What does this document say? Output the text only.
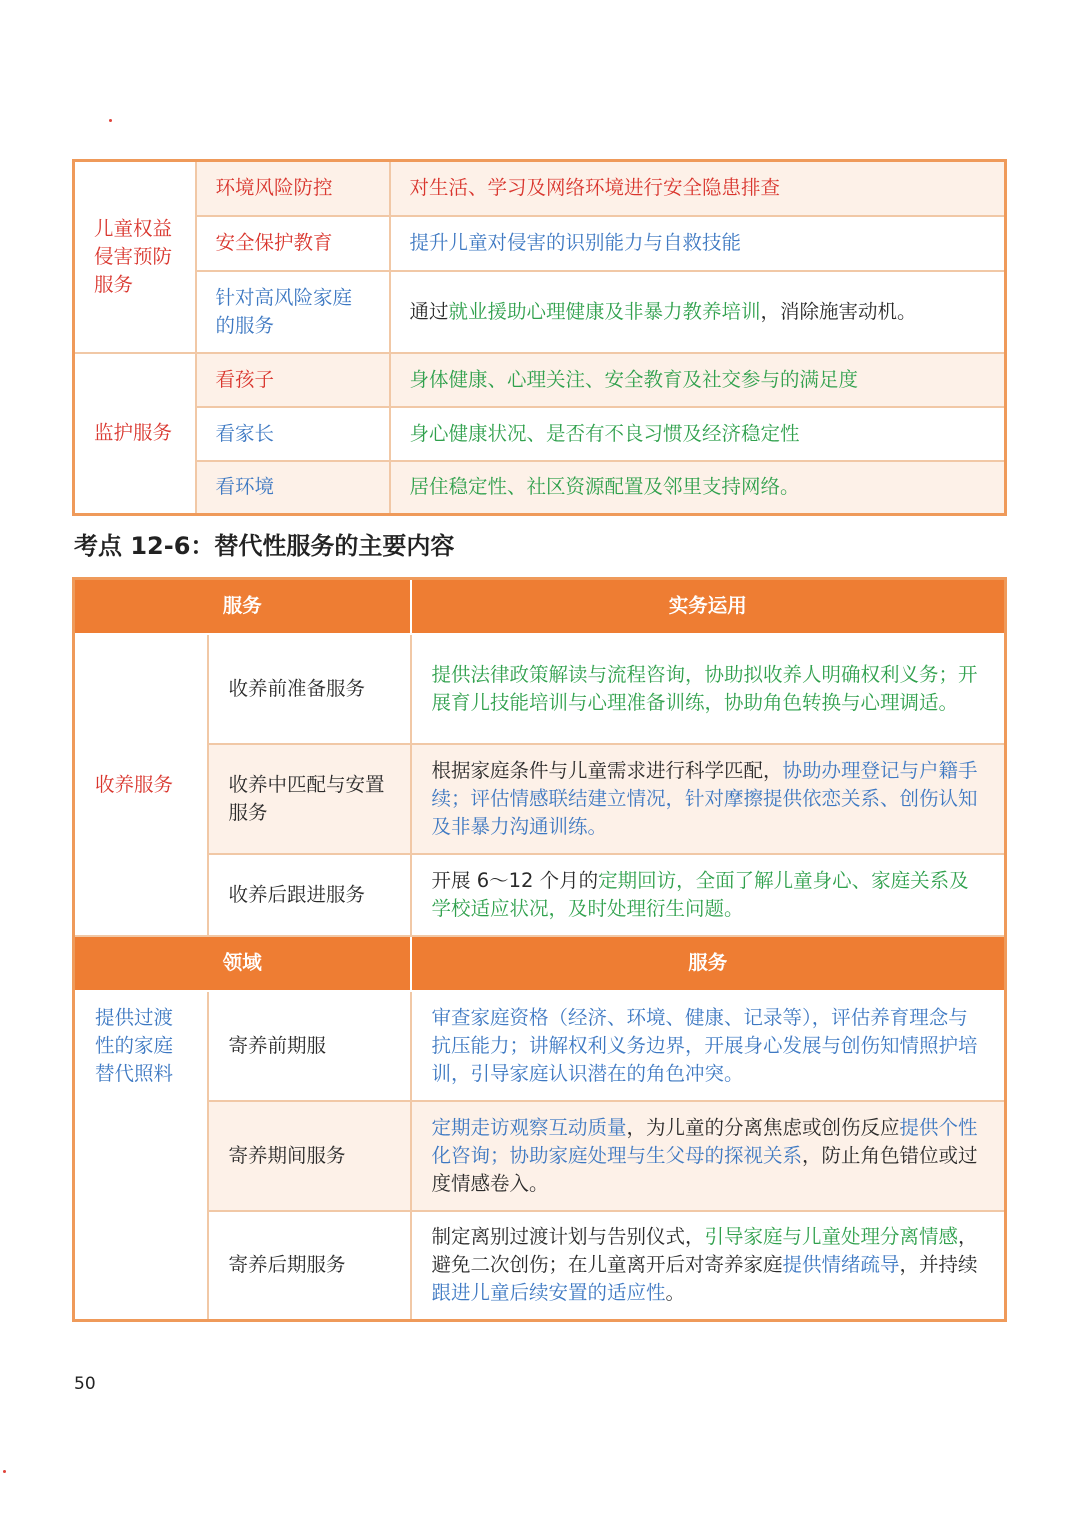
儿童权益侵害预防服务	环境风险防控	对生活、学习及网络环境进行安全隐患排查
	安全保护教育	提升儿童对侵害的识别能力与自救技能
	针对高风险家庭的服务	通过就业援助心理健康及非暴力教养培训，消除施害动机。
监护服务	看孩子	身体健康、心理关注、安全教育及社交参与的满足度
	看家长	身心健康状况、是否有不良习惯及经济稳定性
	看环境	居住稳定性、社区资源配置及邻里支持网络。
考点 12-6：替代性服务的主要内容
服务		实务运用
收养服务	收养前准备服务	提供法律政策解读与流程咨询，协助拟收养人明确权利义务；开展育儿技能培训与心理准备训练，协助角色转换与心理调适。
	收养中匹配与安置服务	根据家庭条件与儿童需求进行科学匹配，协助办理登记与户籍手续；评估情感联结建立情况，针对摩擦提供依恋关系、创伤认知及非暴力沟通训练。
	收养后跟进服务	开展 6～12 个月的定期回访，全面了解儿童身心、家庭关系及学校适应状况，及时处理衍生问题。
领域		服务
提供过渡性的家庭替代照料	寄养前期服	审查家庭资格（经济、环境、健康、记录等），评估养育理念与抗压能力；讲解权利义务边界，开展身心发展与创伤知情照护培训，引导家庭认识潜在的角色冲突。
	寄养期间服务	定期走访观察互动质量，为儿童的分离焦虑或创伤反应提供个性化咨询；协助家庭处理与生父母的探视关系，防止角色错位或过度情感卷入。
	寄养后期服务	制定离别过渡计划与告别仪式，引导家庭与儿童处理分离情感，避免二次创伤；在儿童离开后对寄养家庭提供情绪疏导，并持续跟进儿童后续安置的适应性。
50
